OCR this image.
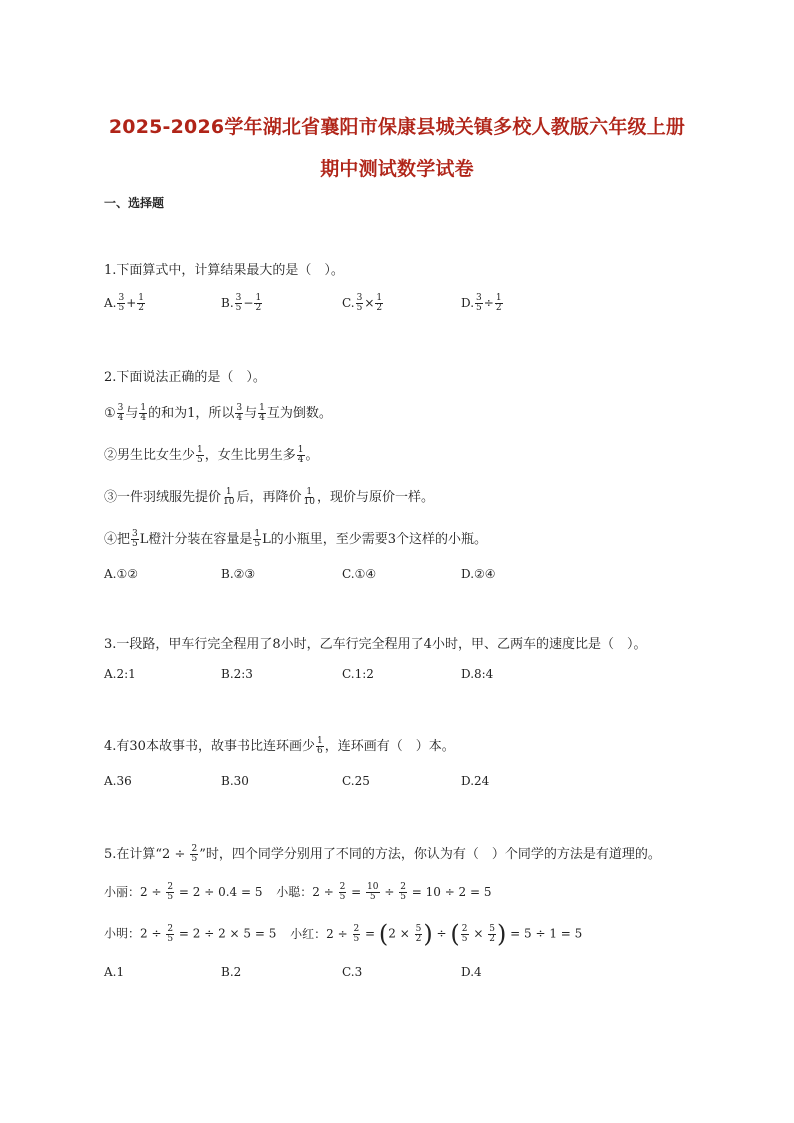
2025-2026学年湖北省襄阳市保康县城关镇多校人教版六年级上册
期中测试数学试卷
一、选择题
1.下面算式中，计算结果最大的是（　）。
A. $\frac{3}{5} + \frac{1}{2}$	B. $\frac{3}{5} - \frac{1}{2}$	C. $\frac{3}{5} \times \frac{1}{2}$	D. $\frac{3}{5} \div \frac{1}{2}$
2.下面说法正确的是（　）。
① $\frac{3}{4}$ 与 $\frac{1}{4}$ 的和为1，所以 $\frac{3}{4}$ 与 $\frac{1}{4}$ 互为倒数。
②男生比女生少 $\frac{1}{5}$ ，女生比男生多 $\frac{1}{4}$ 。
③一件羽绒服先提价 $\frac{1}{10}$ 后，再降价 $\frac{1}{10}$ ，现价与原价一样。
④把 $\frac{3}{5}$ L橙汁分装在容量是 $\frac{1}{5}$ L的小瓶里，至少需要3个这样的小瓶。
A.①②	B.②③	C.①④	D.②④
3.一段路，甲车行完全程用了8小时，乙车行完全程用了4小时，甲、乙两车的速度比是（　）。
A.2:1	B.2:3	C.1:2	D.8:4
4.有30本故事书，故事书比连环画少 $\frac{1}{6}$ ，连环画有（　）本。
A.36	B.30	C.25	D.24
5.在计算“$2 \div \frac{2}{5}$ ”时，四个同学分别用了不同的方法，你认为有（　）个同学的方法是有道理的。
小丽：$2 \div \frac{2}{5} = 2 \div 0.4 = 5$ 小聪：$2 \div \frac{2}{5} = \frac{10}{5} \div \frac{2}{5} = 10 \div 2 = 5$
小明：$2 \div \frac{2}{5} = 2 \div 2 \times 5 = 5$ 小红：$2 \div \frac{2}{5} = (2 \times \frac{5}{2}$ ) ÷ ( $\frac{2}{5} \times \frac{5}{2}$ ) = 5 ÷ 1 = 5
A.1	B.2	C.3	D.4
